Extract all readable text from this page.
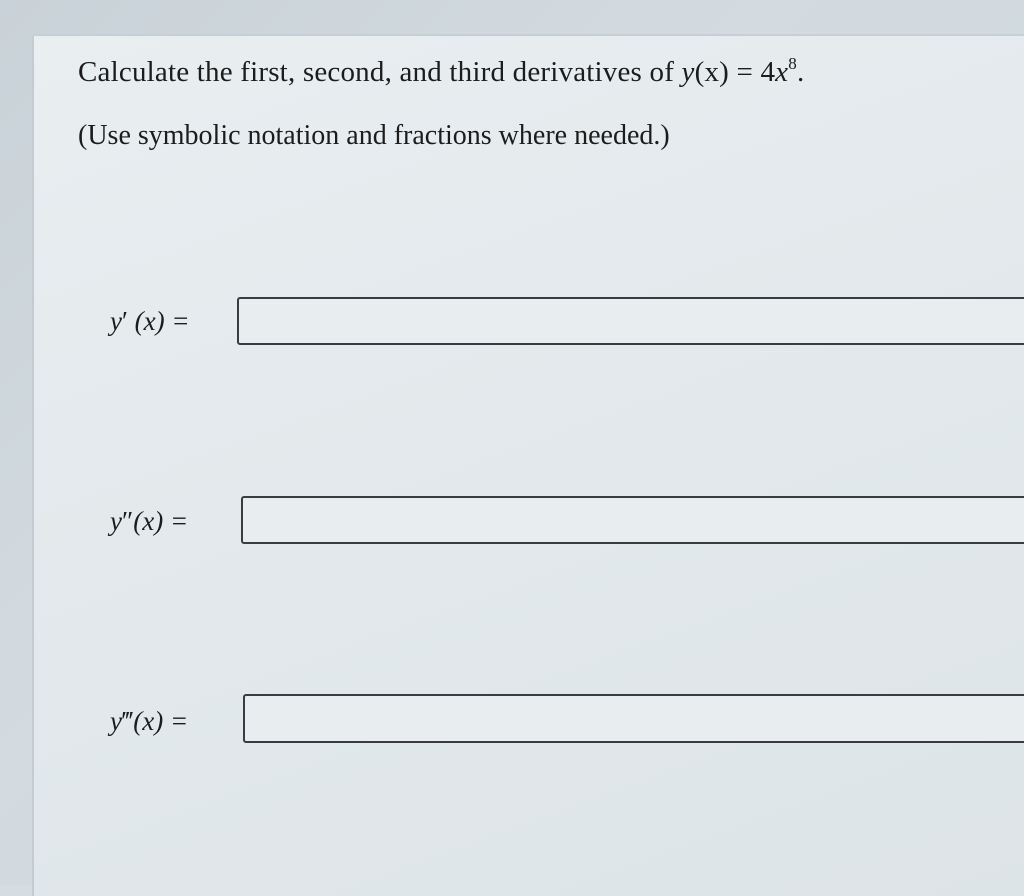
Calculate the first, second, and third derivatives of $y(x) = 4x^8$.
(Use symbolic notation and fractions where needed.)
y′ (x) =
y″(x) =
y‴(x) =
